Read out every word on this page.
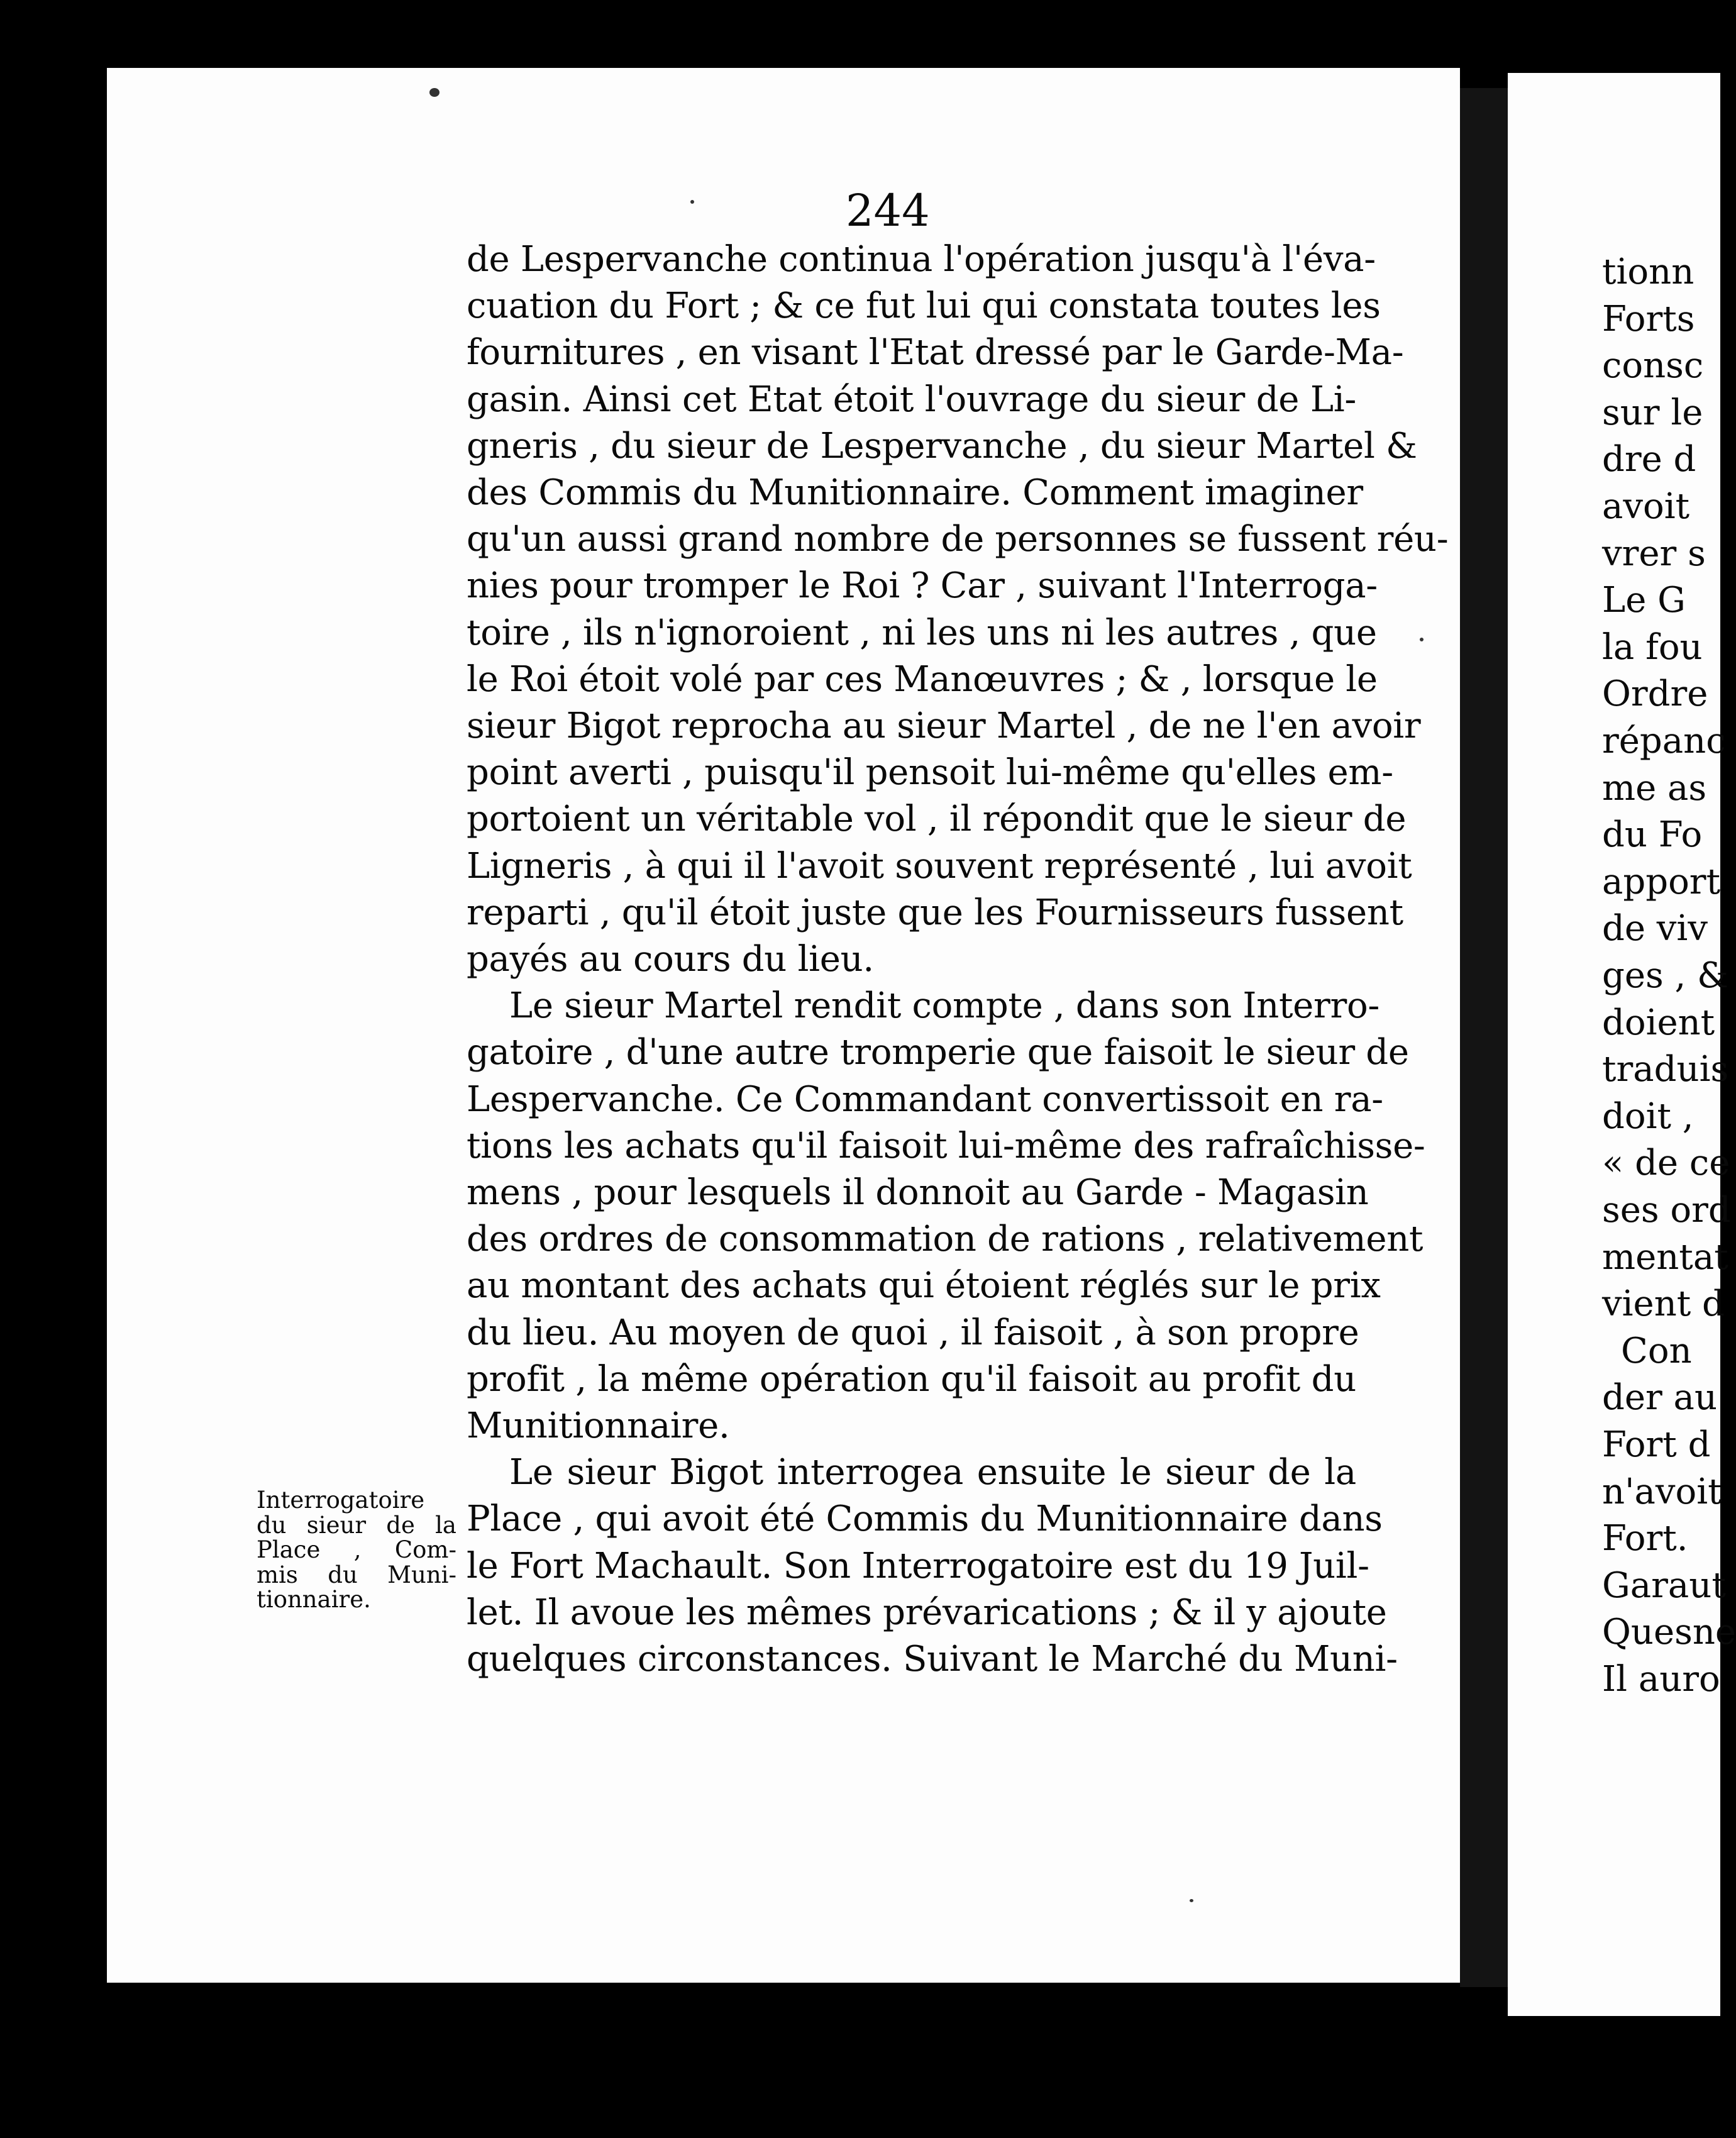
244
de Lespervanche continua l'opération jusqu'à l'éva-
cuation du Fort ; & ce fut lui qui constata toutes les
fournitures , en visant l'Etat dressé par le Garde-Ma-
gasin. Ainsi cet Etat étoit l'ouvrage du sieur de Li-
gneris , du sieur de Lespervanche , du sieur Martel &
des Commis du Munitionnaire. Comment imaginer
qu'un aussi grand nombre de personnes se fussent réu-
nies pour tromper le Roi ? Car , suivant l'Interroga-
toire , ils n'ignoroient , ni les uns ni les autres , que
le Roi étoit volé par ces Manœuvres ; & , lorsque le
sieur Bigot reprocha au sieur Martel , de ne l'en avoir
point averti , puisqu'il pensoit lui-même qu'elles em-
portoient un véritable vol , il répondit que le sieur de
Ligneris , à qui il l'avoit souvent représenté , lui avoit
reparti , qu'il étoit juste que les Fournisseurs fussent
payés au cours du lieu.
Le sieur Martel rendit compte , dans son Interro-
gatoire , d'une autre tromperie que faisoit le sieur de
Lespervanche. Ce Commandant convertissoit en ra-
tions les achats qu'il faisoit lui-même des rafraîchisse-
mens , pour lesquels il donnoit au Garde - Magasin
des ordres de consommation de rations , relativement
au montant des achats qui étoient réglés sur le prix
du lieu. Au moyen de quoi , il faisoit , à son propre
profit , la même opération qu'il faisoit au profit du
Munitionnaire.
Le sieur Bigot interrogea ensuite le sieur de la
Place , qui avoit été Commis du Munitionnaire dans
le Fort Machault. Son Interrogatoire est du 19 Juil-
let. Il avoue les mêmes prévarications ; & il y ajoute
quelques circonstances. Suivant le Marché du Muni-
Interrogatoire
du sieur de la
Place , Com-
mis du Muni-
tionnaire.
tionn
Forts
consc
sur le
dre d
avoit
vrer s
Le G
la fou
Ordre
répanc
me as
du Fo
apport
de viv
ges , &
doient
traduis
doit ,
« de ce
ses ord
mentat
vient d
Con
der au
Fort d
n'avoit
Fort.
Garaut
Quesne
Il auro
